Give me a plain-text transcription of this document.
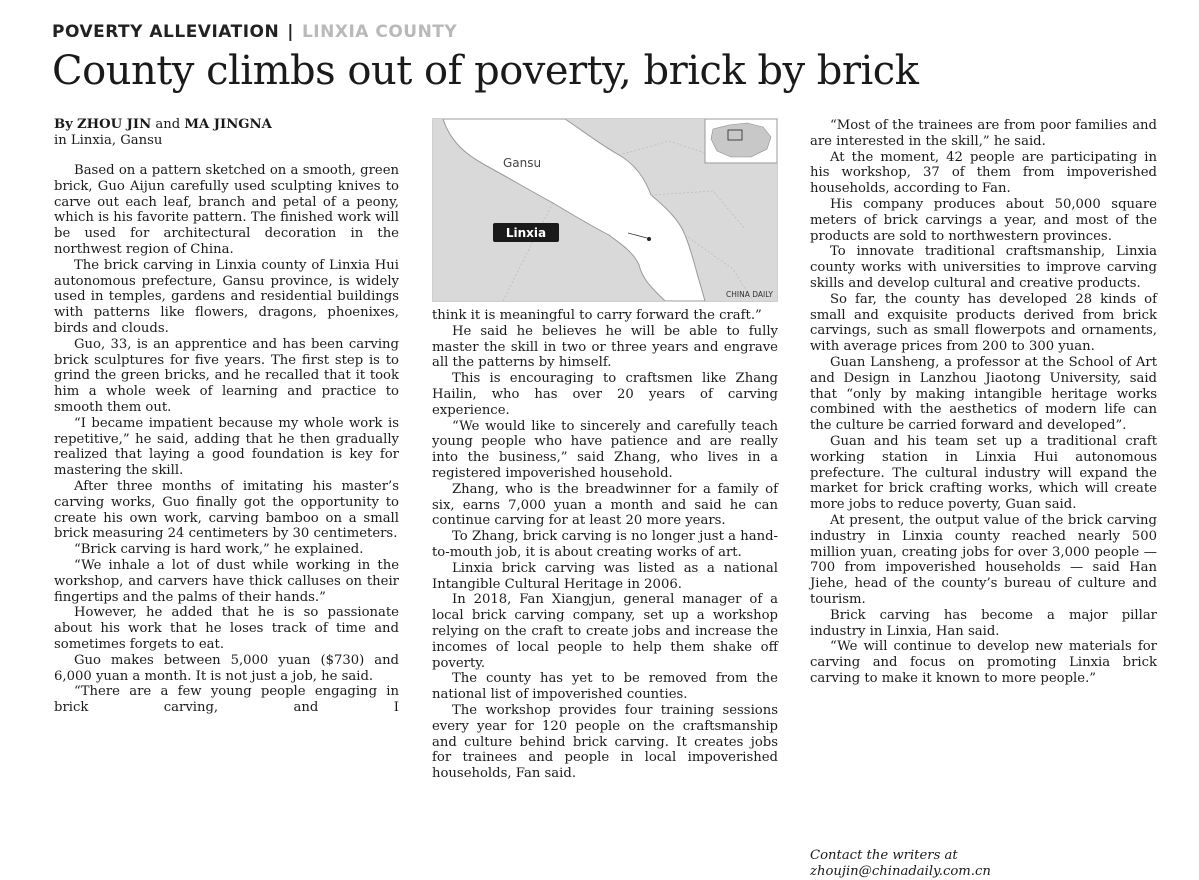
POVERTY ALLEVIATION | LINXIA COUNTY
County climbs out of poverty, brick by brick
By ZHOU JIN and MA JINGNA
in Linxia, Gansu

Based on a pattern sketched on a smooth, green brick, Guo Aijun carefully used sculpting knives to carve out each leaf, branch and petal of a peony, which is his favorite pattern. The finished work will be used for architectural decoration in the northwest region of China.

The brick carving in Linxia county of Linxia Hui autonomous prefecture, Gansu province, is widely used in temples, gardens and residential buildings with patterns like flowers, dragons, phoenixes, birds and clouds.

Guo, 33, is an apprentice and has been carving brick sculptures for five years. The first step is to grind the green bricks, and he recalled that it took him a whole week of learning and practice to smooth them out.

“I became impatient because my whole work is repetitive,” he said, adding that he then gradually realized that laying a good foundation is key for mastering the skill.

After three months of imitating his master’s carving works, Guo finally got the opportunity to create his own work, carving bamboo on a small brick measuring 24 centimeters by 30 centimeters.

“Brick carving is hard work,” he explained.

“We inhale a lot of dust while working in the workshop, and carvers have thick calluses on their fingertips and the palms of their hands.”

However, he added that he is so passionate about his work that he loses track of time and sometimes forgets to eat.

Guo makes between 5,000 yuan ($730) and 6,000 yuan a month. It is not just a job, he said.

“There are a few young people engaging in brick carving, and I

Gansu
Linxia
CHINA DAILY

think it is meaningful to carry forward the craft.”

He said he believes he will be able to fully master the skill in two or three years and engrave all the patterns by himself.

This is encouraging to craftsmen like Zhang Hailin, who has over 20 years of carving experience.

“We would like to sincerely and carefully teach young people who have patience and are really into the business,” said Zhang, who lives in a registered impoverished household.

Zhang, who is the breadwinner for a family of six, earns 7,000 yuan a month and said he can continue carving for at least 20 more years.

To Zhang, brick carving is no longer just a hand-to-mouth job, it is about creating works of art.

Linxia brick carving was listed as a national Intangible Cultural Heritage in 2006.

In 2018, Fan Xiangjun, general manager of a local brick carving company, set up a workshop relying on the craft to create jobs and increase the incomes of local people to help them shake off poverty.

The county has yet to be removed from the national list of impoverished counties.

The workshop provides four training sessions every year for 120 people on the craftsmanship and culture behind brick carving. It creates jobs for trainees and people in local impoverished households, Fan said.

“Most of the trainees are from poor families and are interested in the skill,” he said.

At the moment, 42 people are participating in his workshop, 37 of them from impoverished households, according to Fan.

His company produces about 50,000 square meters of brick carvings a year, and most of the products are sold to northwestern provinces.

To innovate traditional craftsmanship, Linxia county works with universities to improve carving skills and develop cultural and creative products.

So far, the county has developed 28 kinds of small and exquisite products derived from brick carvings, such as small flowerpots and ornaments, with average prices from 200 to 300 yuan.

Guan Lansheng, a professor at the School of Art and Design in Lanzhou Jiaotong University, said that “only by making intangible heritage works combined with the aesthetics of modern life can the culture be carried forward and developed”.

Guan and his team set up a traditional craft working station in Linxia Hui autonomous prefecture. The cultural industry will expand the market for brick crafting works, which will create more jobs to reduce poverty, Guan said.

At present, the output value of the brick carving industry in Linxia county reached nearly 500 million yuan, creating jobs for over 3,000 people — 700 from impoverished households — said Han Jiehe, head of the county’s bureau of culture and tourism.

Brick carving has become a major pillar industry in Linxia, Han said.

“We will continue to develop new materials for carving and focus on promoting Linxia brick carving to make it known to more people.”

Contact the writers at
zhoujin@chinadaily.com.cn
